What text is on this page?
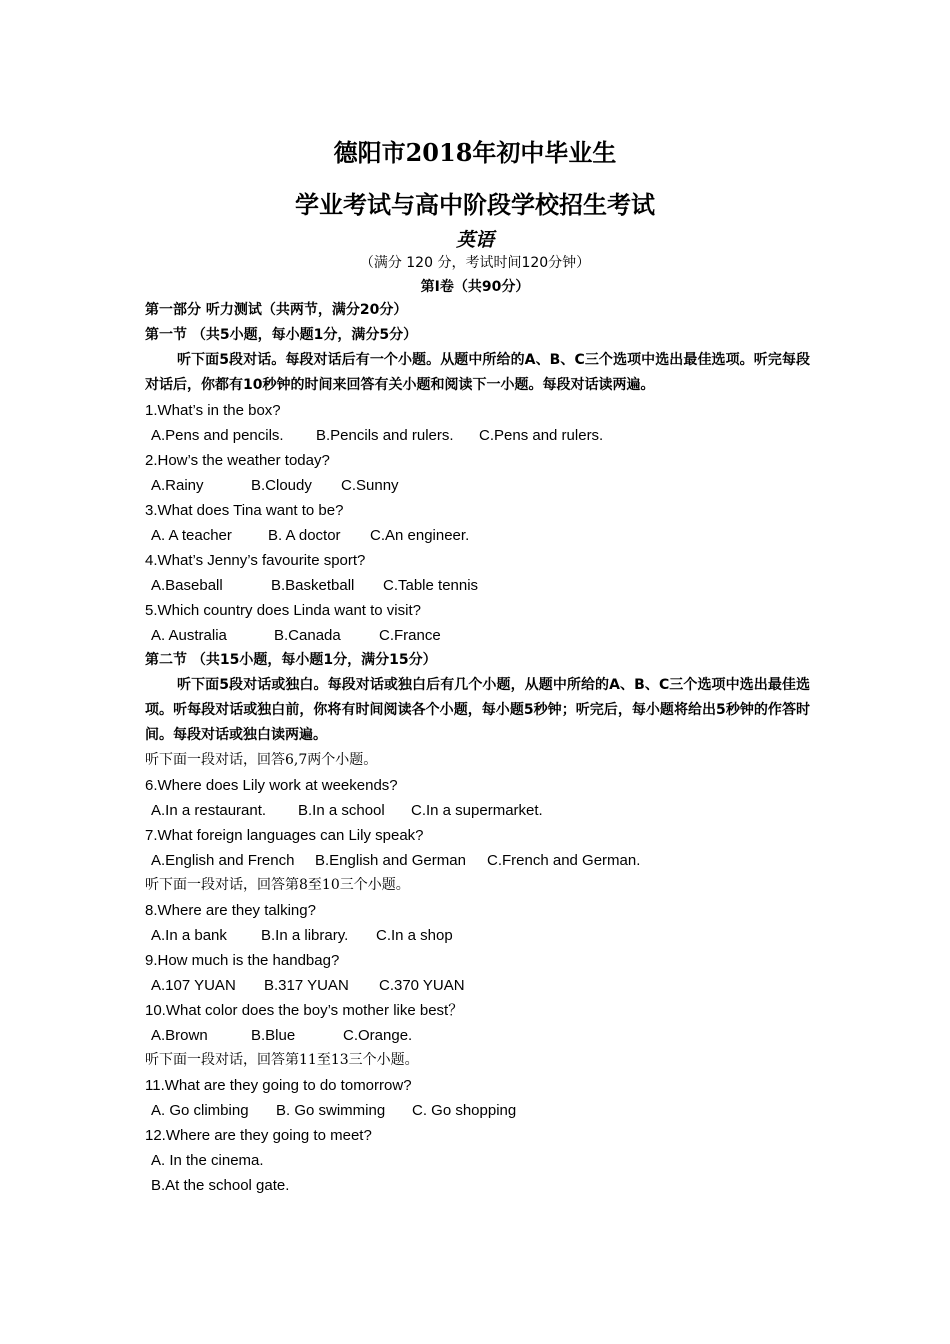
德阳市2018年初中毕业生
学业考试与高中阶段学校招生考试
英语
（满分 120 分，考试时间120分钟）
第Ⅰ卷（共90分）
第一部分 听力测试（共两节，满分20分）
第一节 （共5小题，每小题1分，满分5分）
听下面5段对话。每段对话后有一个小题。从题中所给的A、B、C三个选项中选出最佳选项。听完每段对话后，你都有10秒钟的时间来回答有关小题和阅读下一小题。每段对话读两遍。
1.What’s in the box?
A.Pens and pencils. B.Pencils and rulers. C.Pens and rulers.
2.How’s the weather today?
A.Rainy	B.Cloudy C.Sunny
3.What does Tina want to be?
A. A teacher B. A doctor C.An engineer.
4.What’s Jenny’s favourite sport?
A.Baseball	B.Basketball C.Table tennis
5.Which country does Linda want to visit?
A. Australia	B.Canada	C.France
第二节 （共15小题，每小题1分，满分15分）
听下面5段对话或独白。每段对话或独白后有几个小题，从题中所给的A、B、C三个选项中选出最佳选项。听每段对话或独白前，你将有时间阅读各个小题，每小题5秒钟；听完后，每小题将给出5秒钟的作答时间。每段对话或独白读两遍。
听下面一段对话，回答6,7两个小题。
6.Where does Lily work at weekends?
A.In a restaurant. B.In a school C.In a supermarket.
7.What foreign languages can Lily speak?
A.English and French B.English and German C.French and German.
听下面一段对话，回答第8至10三个小题。
8.Where are they talking?
A.In a bank B.In a library. C.In a shop
9.How much is the handbag?
A.107 YUAN B.317 YUAN C.370 YUAN
10.What color does the boy’s mother like best？
A.Brown	B.Blue	C.Orange.
听下面一段对话，回答第11至13三个小题。
11.What are they going to do tomorrow?
A. Go climbing B. Go swimming C. Go shopping
12.Where are they going to meet?
A. In the cinema.
B.At the school gate.
